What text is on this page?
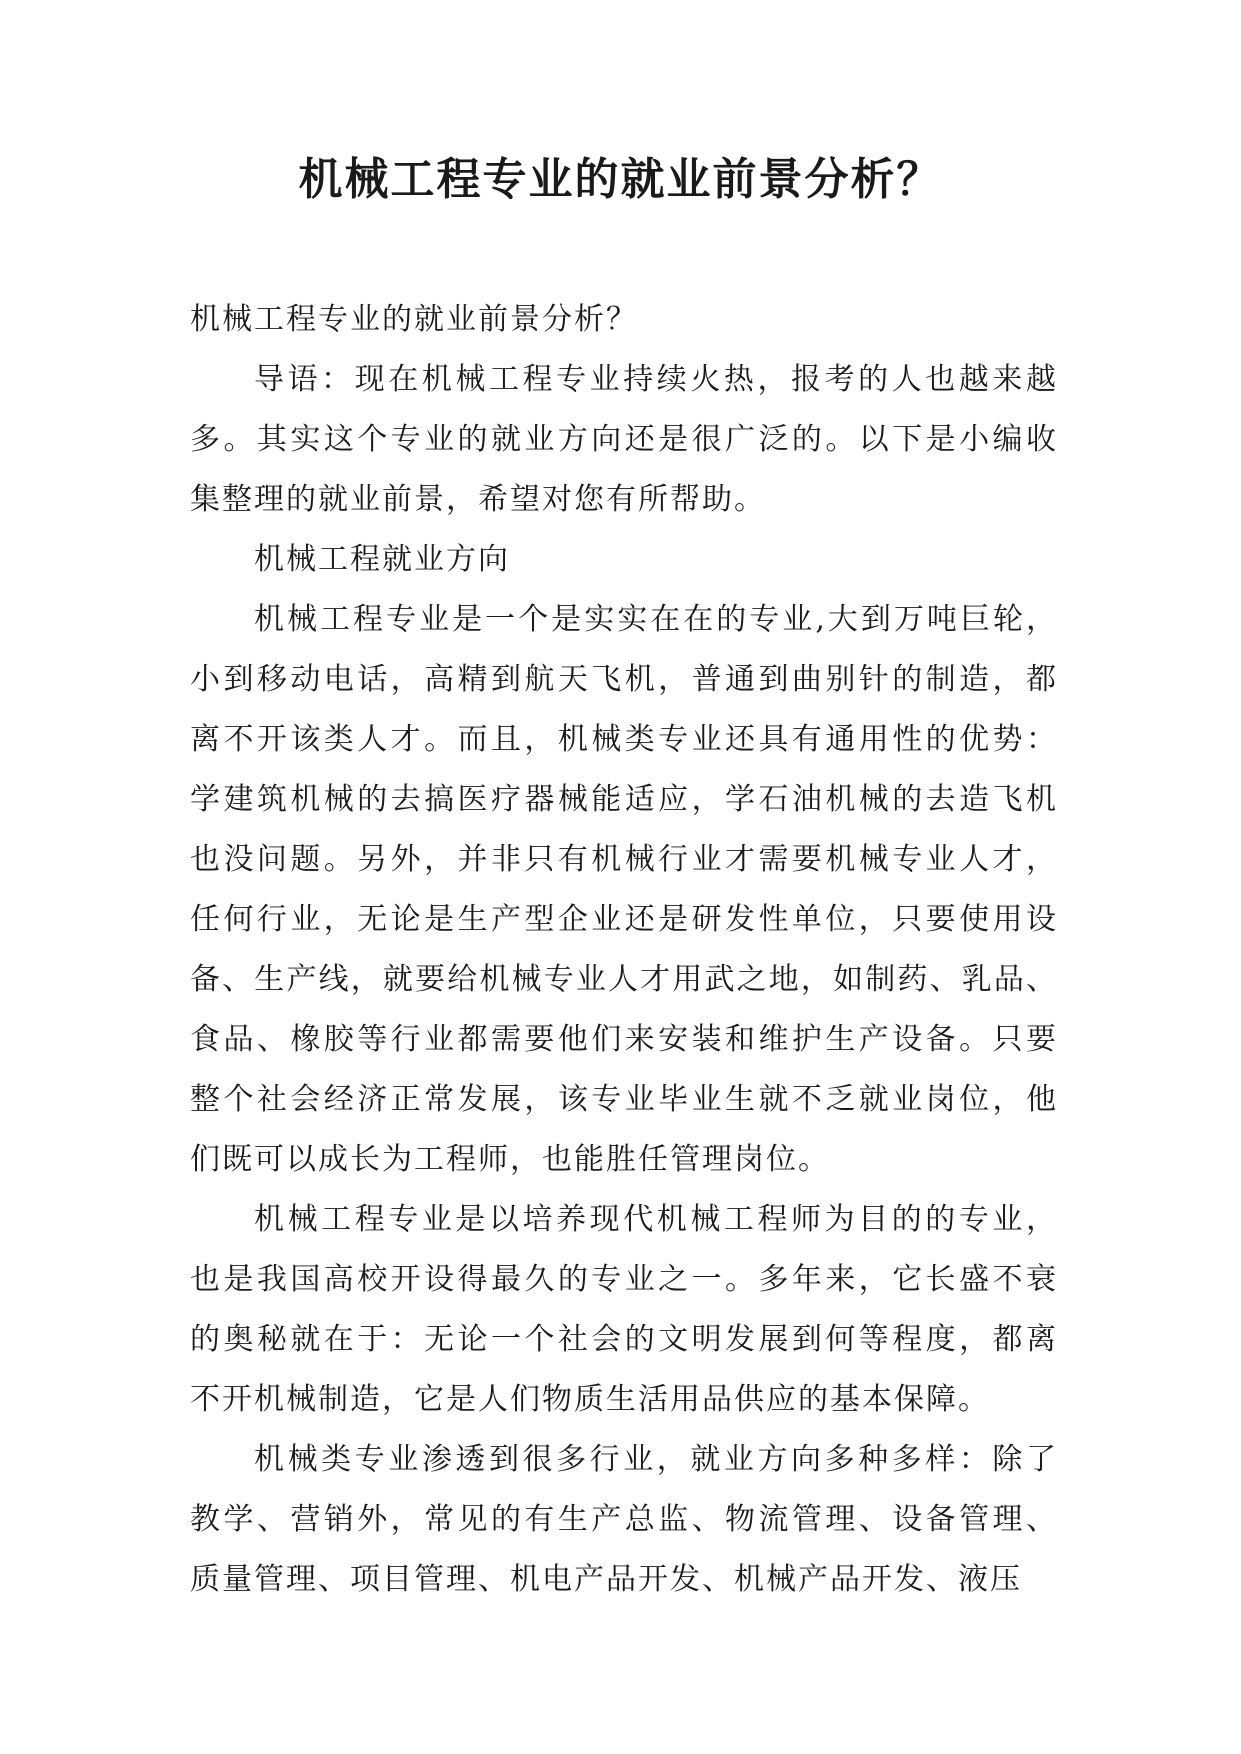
机械工程专业的就业前景分析？

机械工程专业的就业前景分析？

导语：现在机械工程专业持续火热，报考的人也越来越
多。其实这个专业的就业方向还是很广泛的。以下是小编收
集整理的就业前景，希望对您有所帮助。

机械工程就业方向

机械工程专业是一个是实实在在的专业,大到万吨巨轮，
小到移动电话，高精到航天飞机，普通到曲别针的制造，都
离不开该类人才。而且，机械类专业还具有通用性的优势：
学建筑机械的去搞医疗器械能适应，学石油机械的去造飞机
也没问题。另外，并非只有机械行业才需要机械专业人才，
任何行业，无论是生产型企业还是研发性单位，只要使用设
备、生产线，就要给机械专业人才用武之地，如制药、乳品、
食品、橡胶等行业都需要他们来安装和维护生产设备。只要
整个社会经济正常发展，该专业毕业生就不乏就业岗位，他
们既可以成长为工程师，也能胜任管理岗位。

机械工程专业是以培养现代机械工程师为目的的专业，
也是我国高校开设得最久的专业之一。多年来，它长盛不衰
的奥秘就在于：无论一个社会的文明发展到何等程度，都离
不开机械制造，它是人们物质生活用品供应的基本保障。

机械类专业渗透到很多行业，就业方向多种多样：除了
教学、营销外，常见的有生产总监、物流管理、设备管理、
质量管理、项目管理、机电产品开发、机械产品开发、液压
